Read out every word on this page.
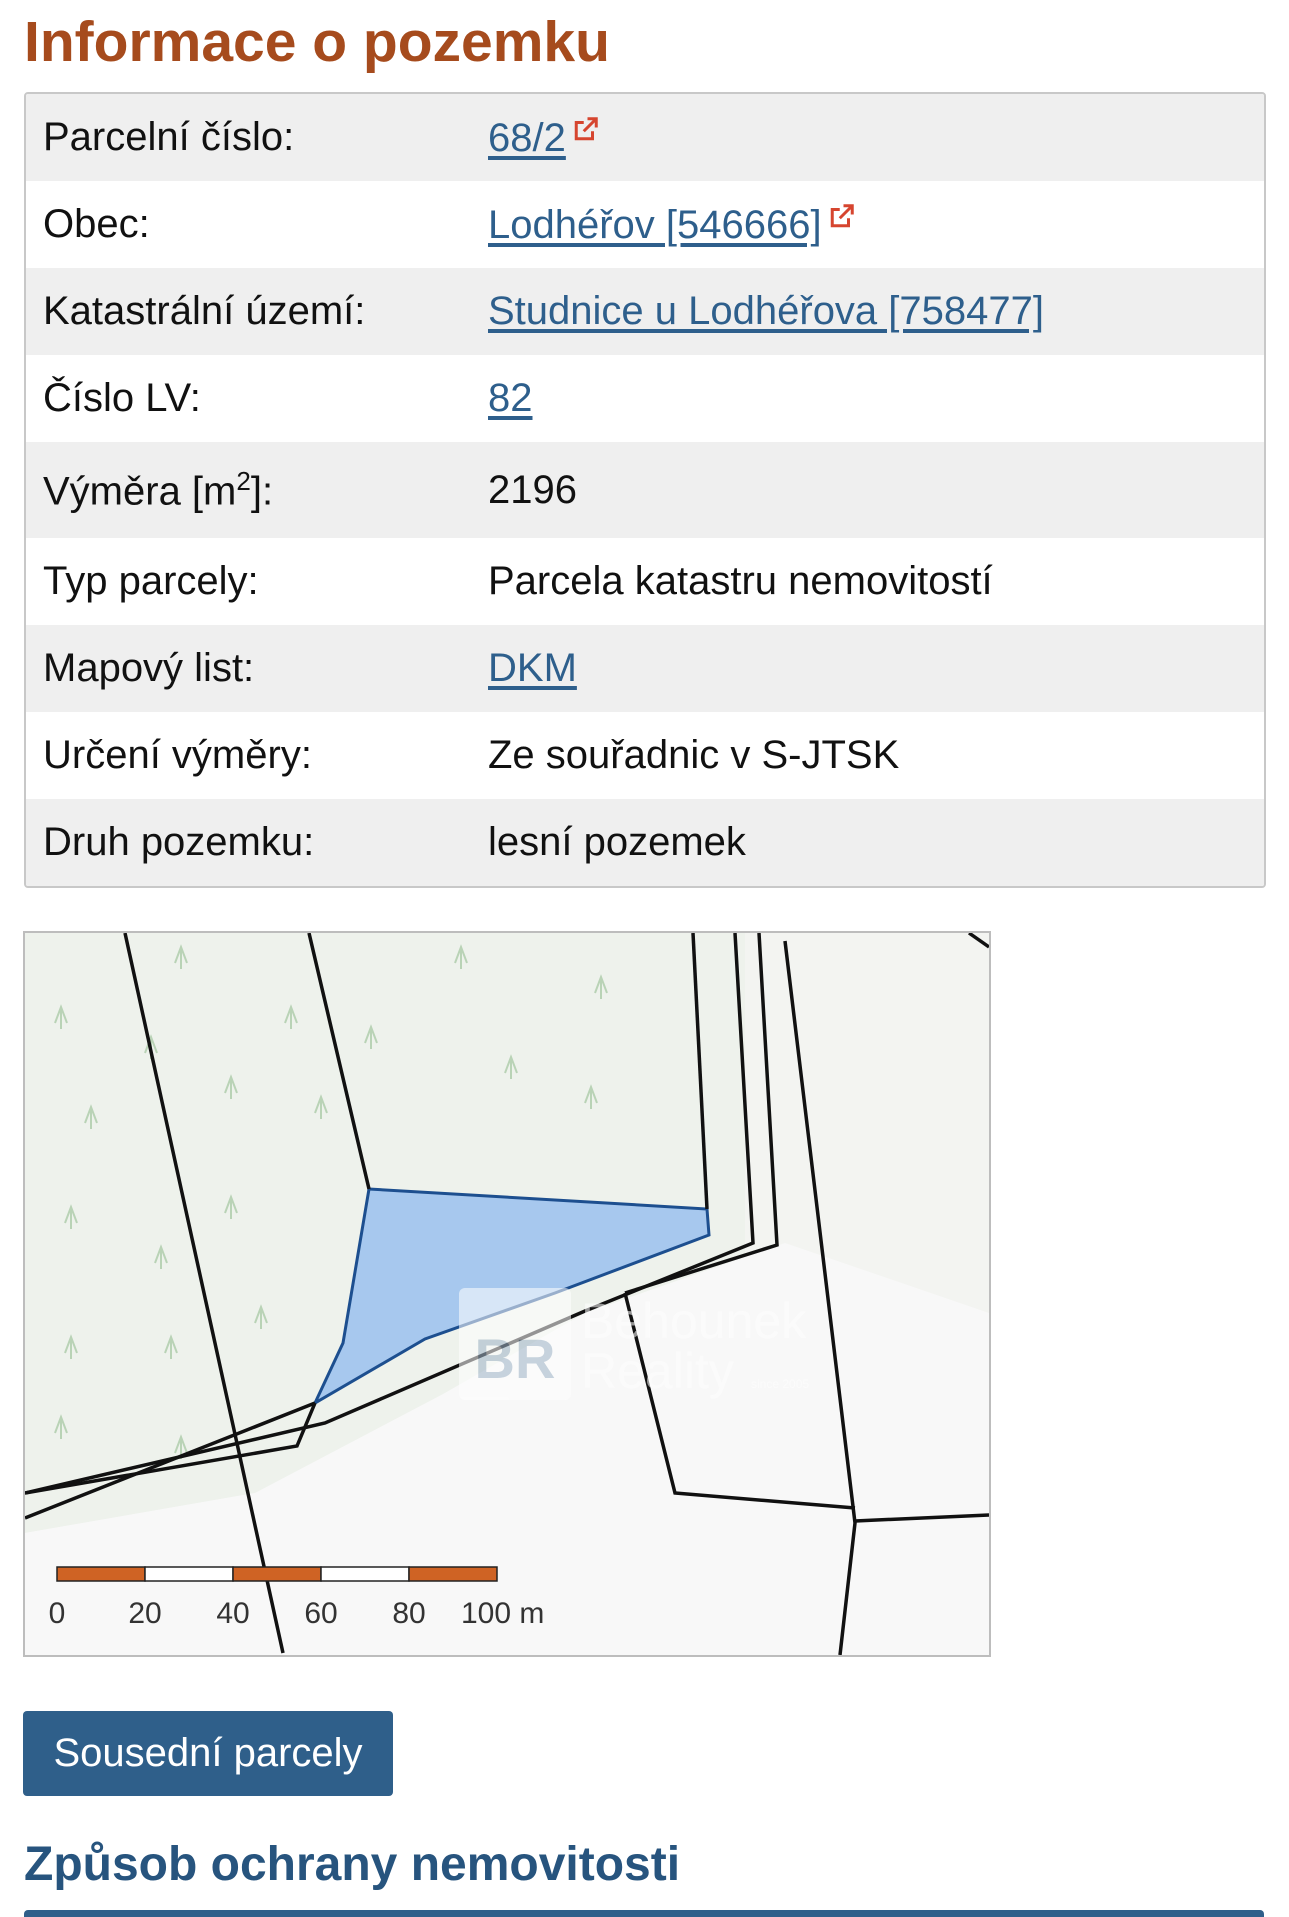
Informace o pozemku
Parcelní číslo:	68/2
Obec:	Lodhéřov [546666]
Katastrální území:	Studnice u Lodhéřova [758477]
Číslo LV:	82
Výměra $[m^2]$:	2196
Typ parcely:	Parcela katastru nemovitostí
Mapový list:	DKM
Určení výměry:	Ze souřadnic v S-JTSK
Druh pozemku:	lesní pozemek
BR
Behounek
Reality since 2005
0 20 40 60 80 100 m
Sousední parcely
Způsob ochrany nemovitosti
